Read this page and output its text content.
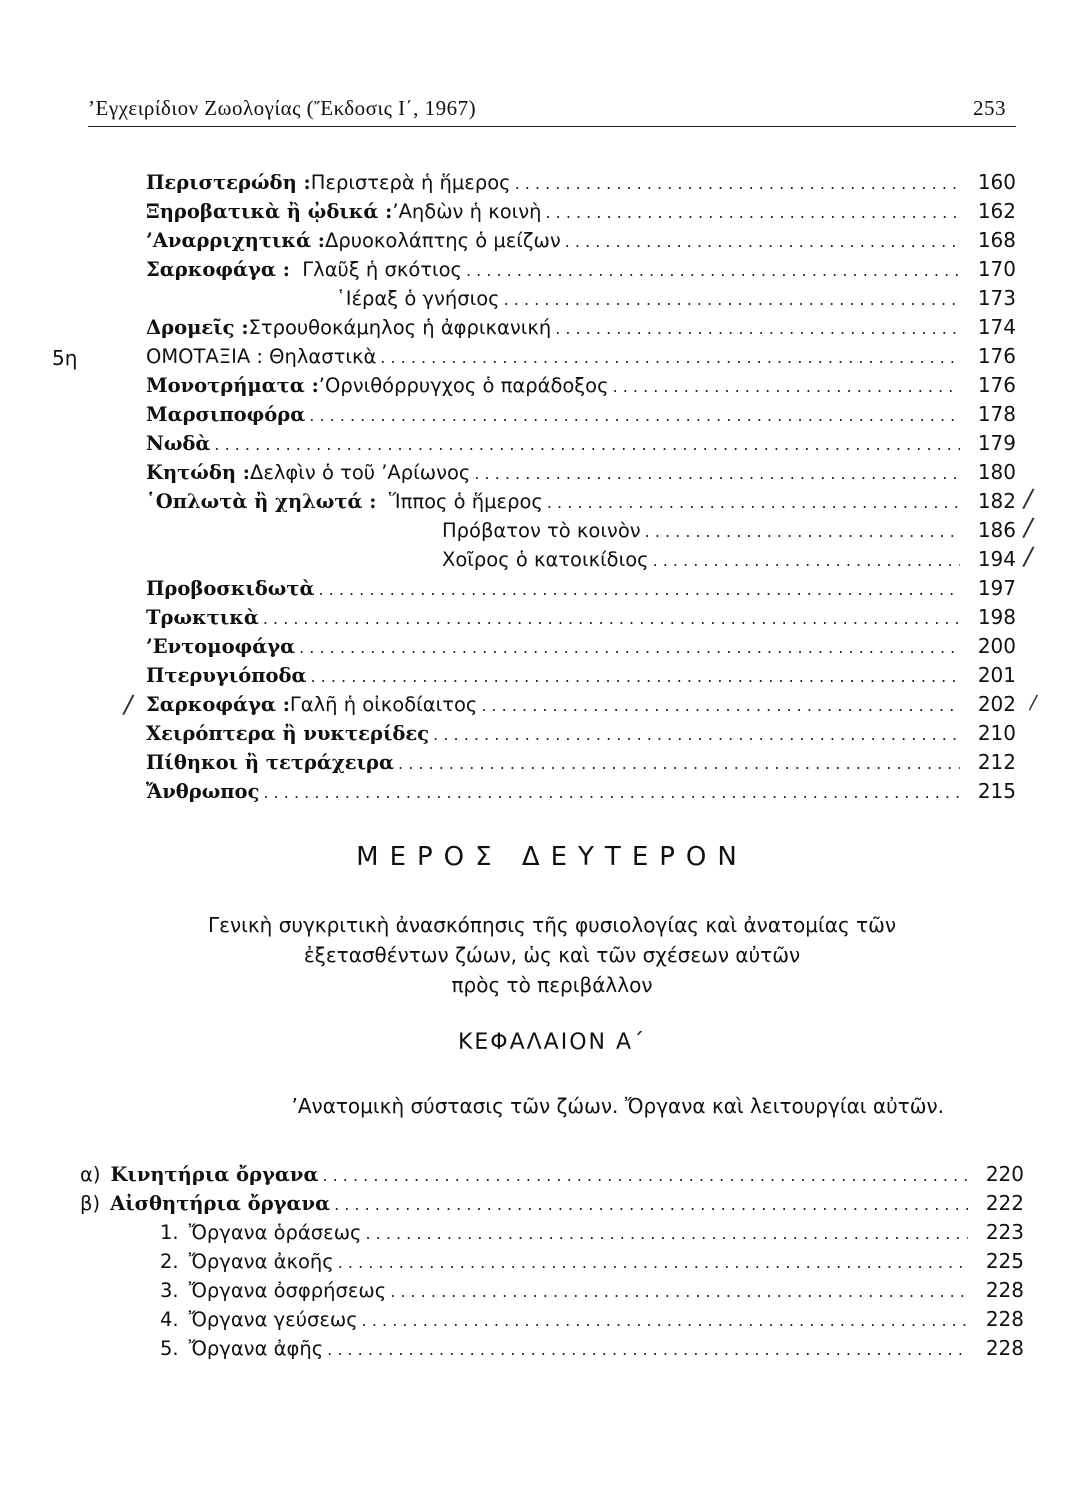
’Εγχειρίδιον Ζωολογίας (Ἔκδοσις Ι΄, 1967)	253
Περιστερώδη : Περιστερὰ ἡ ἥμερος . . .	160
Ξηροβατικὰ ἢ ᾠδικά : ’Αηδὼν ἡ κοινὴ . . .	162
’Αναρριχητικά : Δρυοκολάπτης ὁ μείζων . . .	168
Σαρκοφάγα : Γλαῦξ ἡ σκότιος . . .	170
῾Ιέραξ ὁ γνήσιος . . .	173
Δρομεῖς : Στρουθοκάμηλος ἡ ἀφρικανική . . .	174
5η	ΟΜΟΤΑΞΙΑ : Θηλαστικὰ . . .	176
Μονοτρήματα : ’Ορνιθόρρυγχος ὁ παράδοξος . . .	176
Μαρσιποφόρα . . .	178
Νωδὰ . . .	179
Κητώδη : Δελφὶν ὁ τοῦ ’Αρίωνος . . .	180
῾Οπλωτὰ ἢ χηλωτά : Ἵππος ὁ ἥμερος . . .	182 /
Πρόβατον τὸ κοινὸν . . .	186 /
Χοῖρος ὁ κατοικίδιος . . .	194 /
Προβοσκιδωτὰ . . .	197
Τρωκτικὰ . . .	198
’Εντομοφάγα . . .	200
Πτερυγιόποδα . . .	201
/ Σαρκοφάγα : Γαλῆ ἡ οἰκοδίαιτος . . .	202 /
Χειρόπτερα ἢ νυκτερίδες . . .	210
Πίθηκοι ἢ τετράχειρα . . .	212
Ἄνθρωπος . . .	215
ΜΕΡΟΣ ΔΕΥΤΕΡΟΝ
Γενικὴ συγκριτικὴ ἀνασκόπησις τῆς φυσιολογίας καὶ ἀνατομίας τῶν
ἐξετασθέντων ζώων, ὡς καὶ τῶν σχέσεων αὐτῶν
πρὸς τὸ περιβάλλον
ΚΕΦΑΛΑΙΟΝ Α΄
’Ανατομικὴ σύστασις τῶν ζώων. Ὄργανα καὶ λειτουργίαι αὐτῶν.
α) Κινητήρια ὄργανα . . .	220
β) Αἰσθητήρια ὄργανα . . .	222
1. Ὄργανα ὁράσεως . . .	223
2. Ὄργανα ἀκοῆς . . .	225
3. Ὄργανα ὀσφρήσεως . . .	228
4. Ὄργανα γεύσεως . . .	228
5. Ὄργανα ἀφῆς . . .	228
